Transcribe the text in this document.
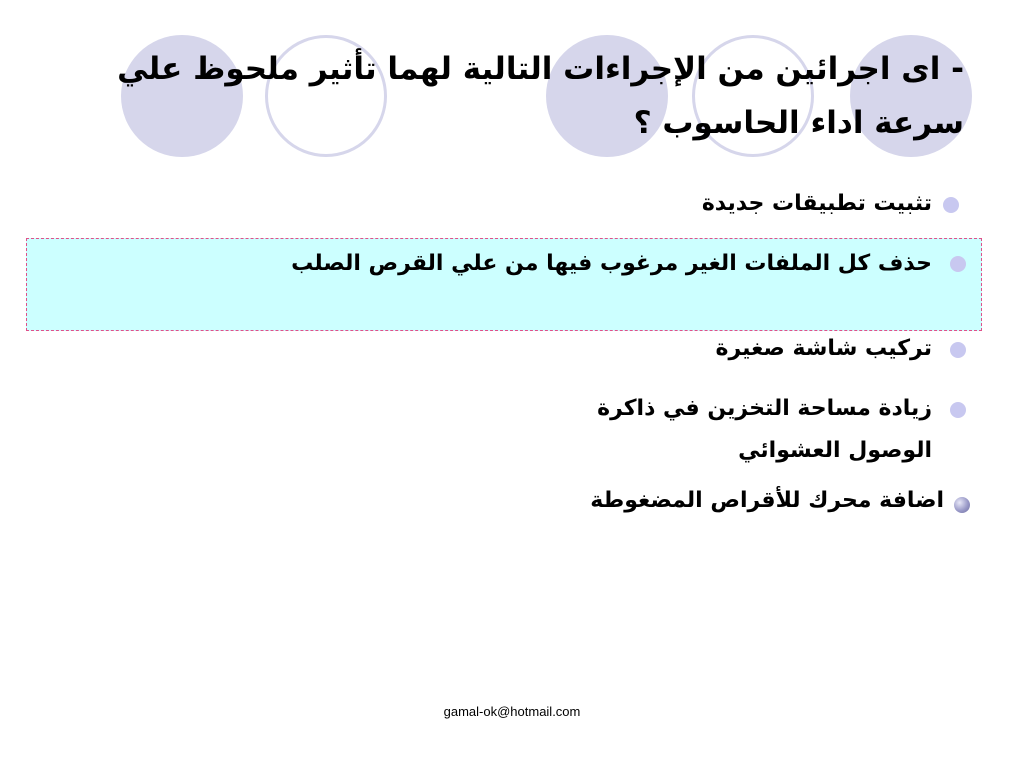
- اى اجرائين من الإجراءات التالية لهما تأثير ملحوظ علي سرعة اداء الحاسوب ؟
تثبيت تطبيقات جديدة
حذف كل الملفات الغير مرغوب فيها من علي القرص الصلب
تركيب شاشة صغيرة
زيادة مساحة التخزين في ذاكرة الوصول العشوائي
اضافة محرك للأقراص المضغوطة
gamal-ok@hotmail.com
